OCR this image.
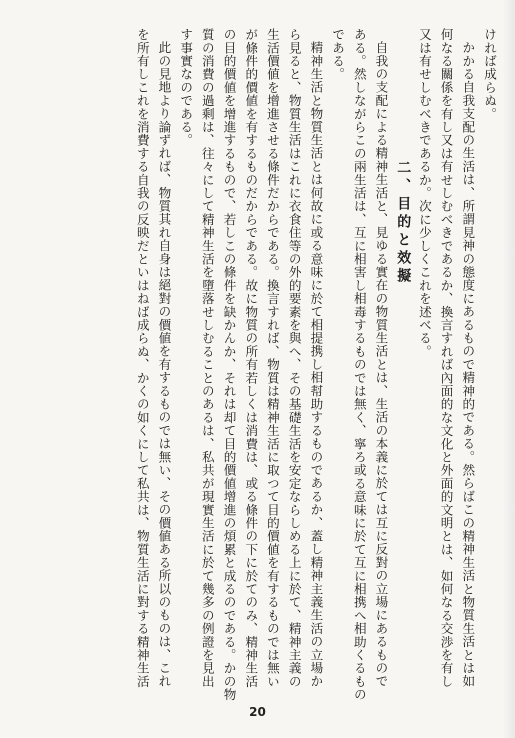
ければ成らぬ。
かかる自我支配の生活は、所謂見神の態度にあるもので精神的である。然らばこの精神生活と物質生活とは如
何なる關係を有し又は有せしむべきであるか、換言すれば內面的な文化と外面的文明とは、如何なる交渉を有し
又は有せしむべきであるか。次に少しくこれを述べる。
二、目的と效擬
自我の支配による精神生活と、見ゆる實在の物質生活とは、生活の本義に於ては互に反對の立場にあるもので
ある。然しながらこの兩生活は、互に相害し相毒するものでは無く、寧ろ或る意味に於て互に相携へ相助くるもの
である。
精神生活と物質生活とは何故に或る意味に於て相提携し相幇助するものであるか、蓋し精神主義生活の立場か
ら見ると、物質生活はこれに衣食住等の外的要素を與へ、その基礎生活を安定ならしめる上に於て、精神主義の
生活價値を增進させる條件だからである。換言すれば、物質は精神生活に取つて目的價値を有するものでは無い
が條件的價値を有するものだからである。故に物質の所有若しくは消費は、或る條件の下に於てのみ、精神生活
の目的價値を增進するもので、若しこの條件を缺かんか、それは却て目的價値增進の煩累と成るのである。かの物
質の消費の過剩は、往々にして精神生活を墮落せしむることのあるは、私共が現實生活に於て幾多の例證を見出
す事實なのである。
此の見地より論ずれば、物質其れ自身は絕對の價値を有するものでは無い、その價値ある所以のものは、これ
を所有しこれを消費する自我の反映だといはねば成らぬ、かくの如くにして私共は、物質生活に對する精神生活
20
